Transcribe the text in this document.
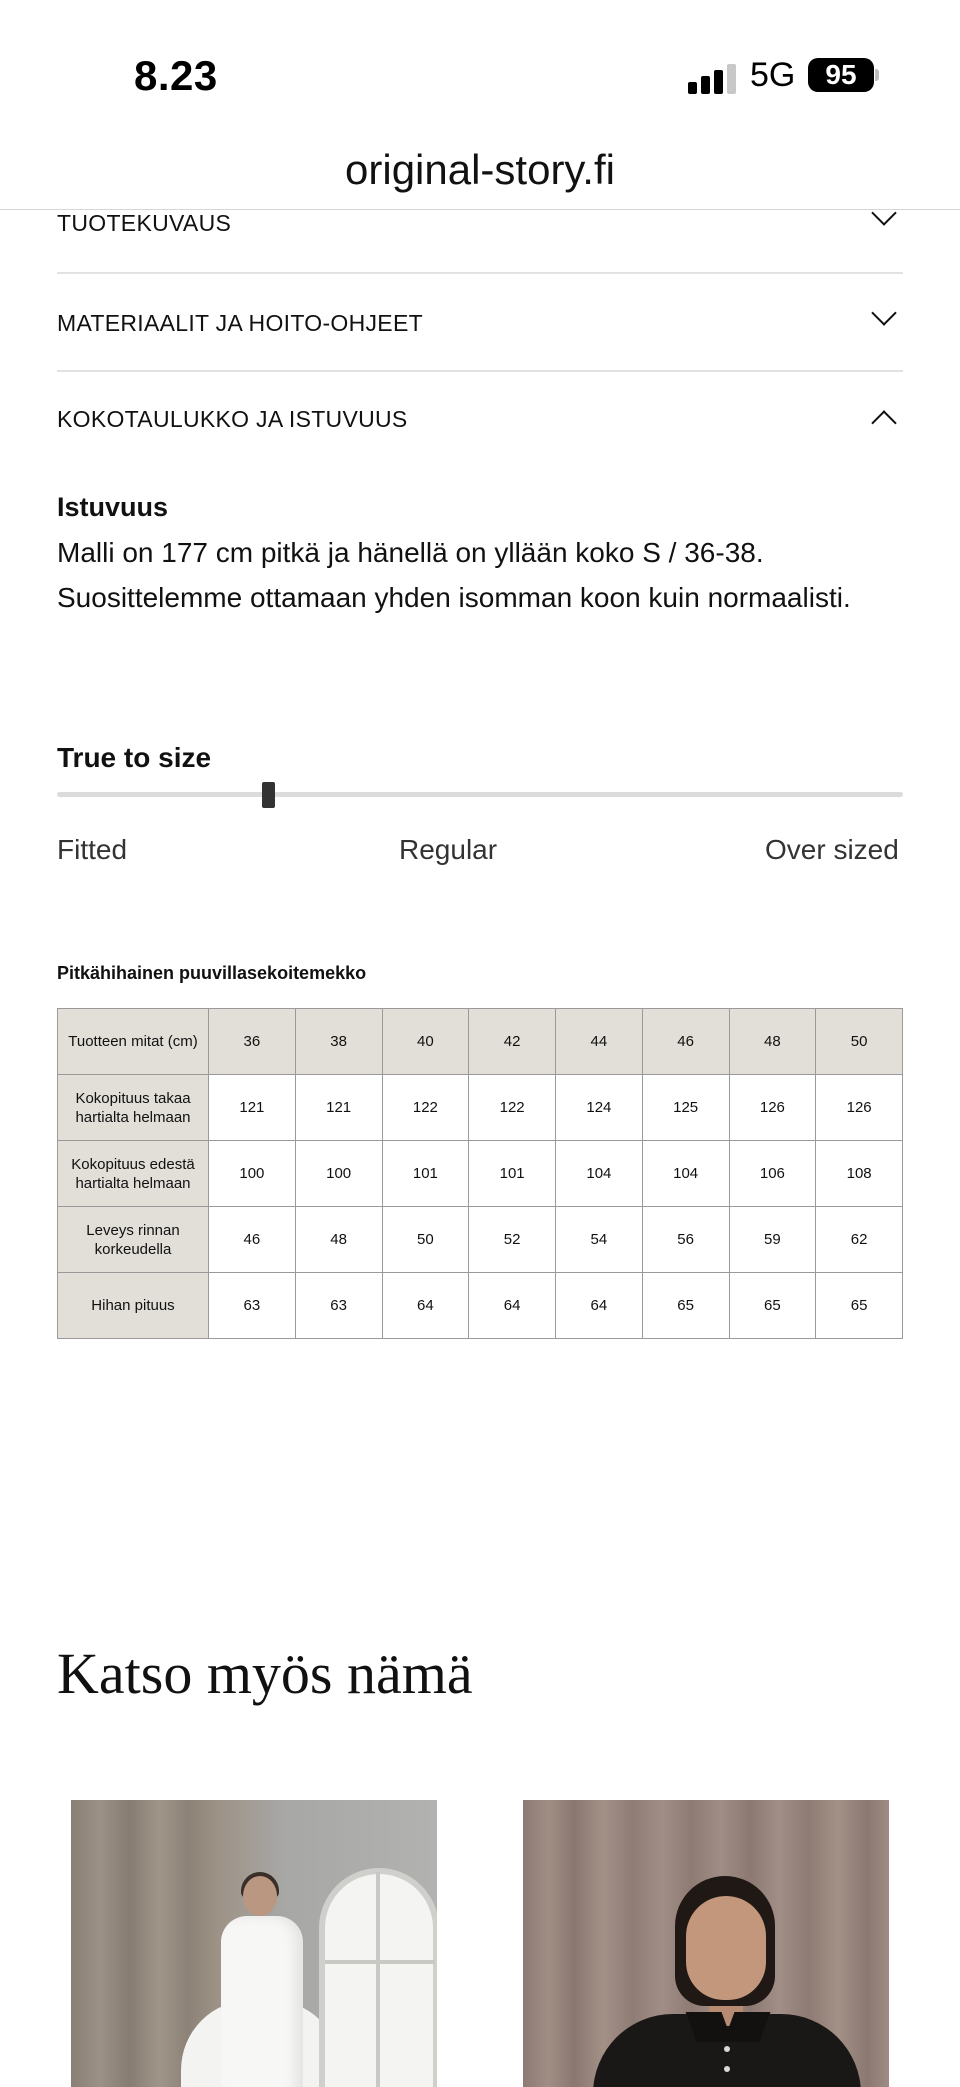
8.23	5G	95
original-story.fi
TUOTEKUVAUS
MATERIAALIT JA HOITO-OHJEET
KOKOTAULUKKO JA ISTUVUUS
Istuvuus
Malli on 177 cm pitkä ja hänellä on yllään koko S / 36-38. Suosittelemme ottamaan yhden isomman koon kuin normaalisti.
True to size
Fitted	Regular	Over sized
Pitkähihainen puuvillasekoitemekko
Tuotteen mitat (cm)	36	38	40	42	44	46	48	50
Kokopituus takaa hartialta helmaan	121	121	122	122	124	125	126	126
Kokopituus edestä hartialta helmaan	100	100	101	101	104	104	106	108
Leveys rinnan korkeudella	46	48	50	52	54	56	59	62
Hihan pituus	63	63	64	64	64	65	65	65
Katso myös nämä
